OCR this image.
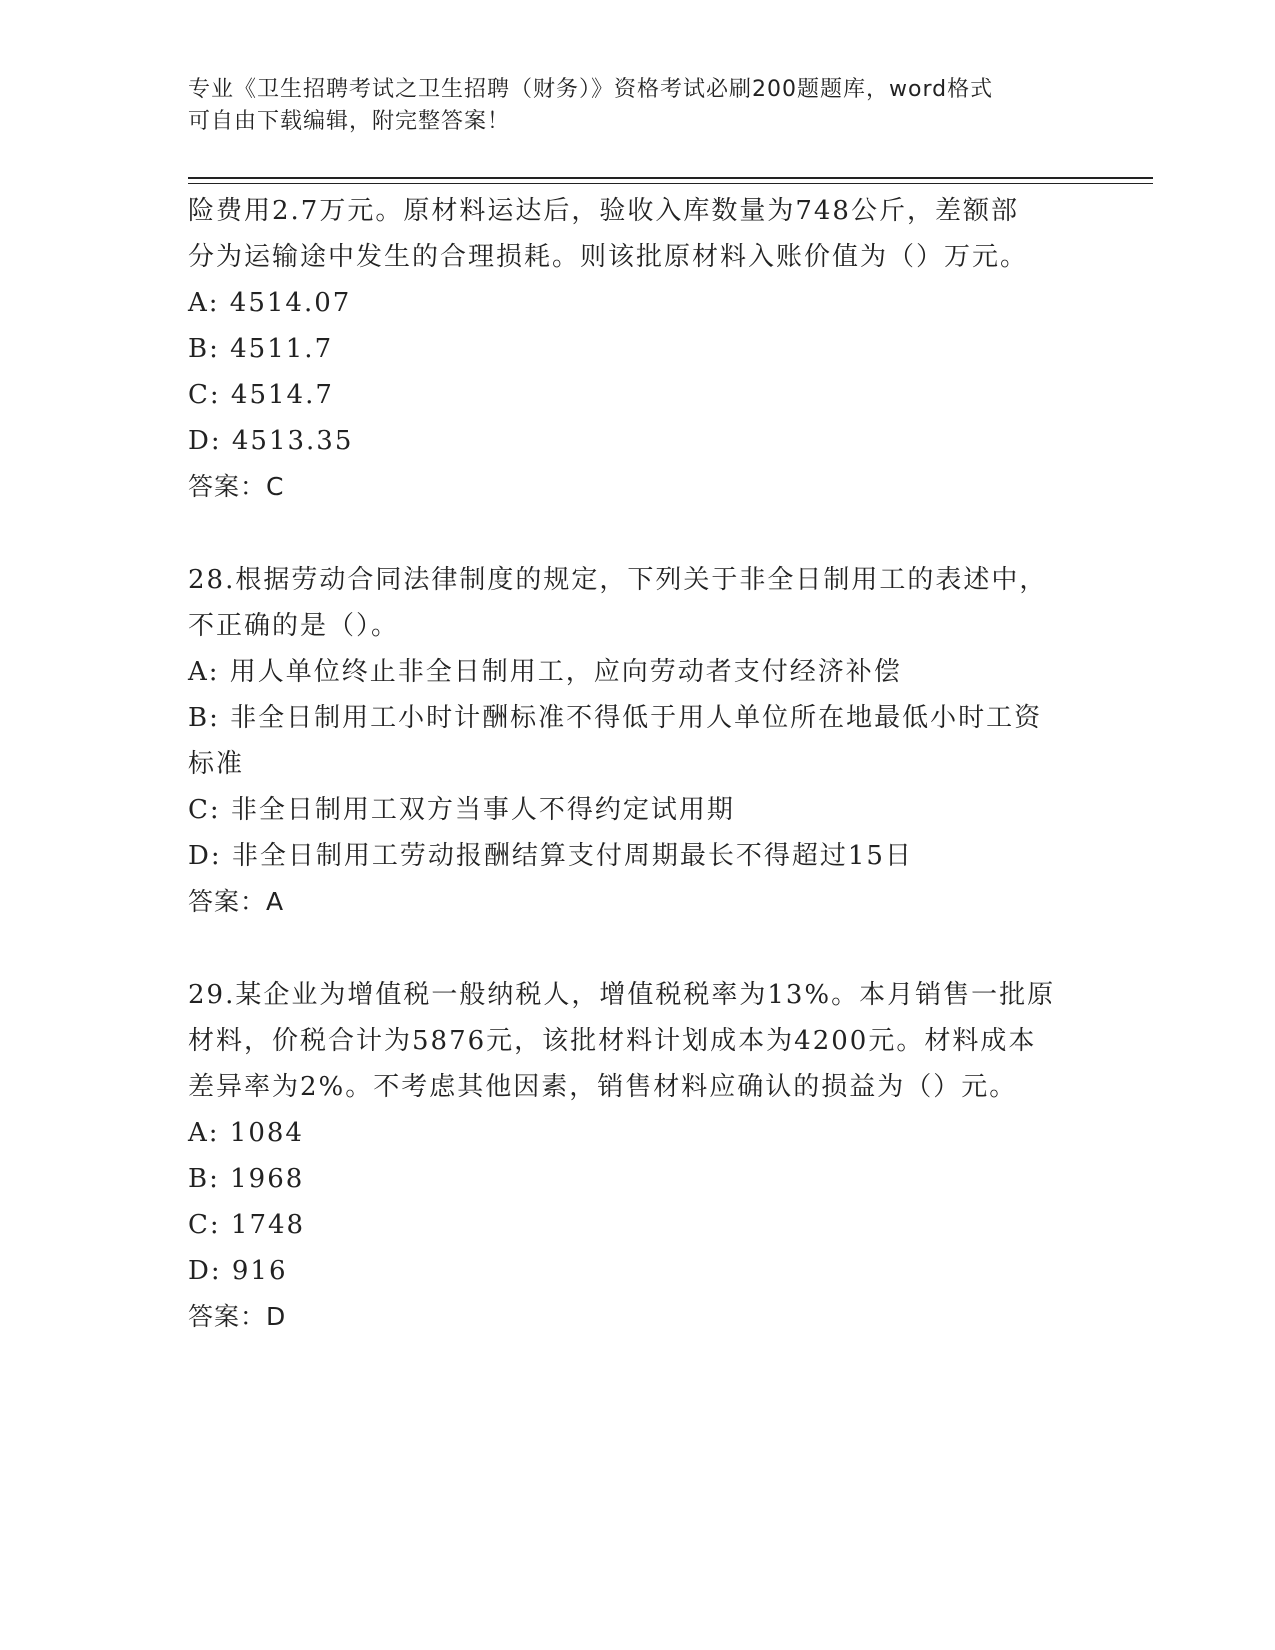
专业《卫生招聘考试之卫生招聘（财务）》资格考试必刷200题题库，word格式
可自由下载编辑，附完整答案！
险费用2.7万元。原材料运达后，验收入库数量为748公斤，差额部
分为运输途中发生的合理损耗。则该批原材料入账价值为（）万元。
A: 4514.07
B: 4511.7
C: 4514.7
D: 4513.35
答案：C
28.根据劳动合同法律制度的规定，下列关于非全日制用工的表述中，
不正确的是（）。
A: 用人单位终止非全日制用工，应向劳动者支付经济补偿
B: 非全日制用工小时计酬标准不得低于用人单位所在地最低小时工资
标准
C: 非全日制用工双方当事人不得约定试用期
D: 非全日制用工劳动报酬结算支付周期最长不得超过15日
答案：A
29.某企业为增值税一般纳税人，增值税税率为13%。本月销售一批原
材料，价税合计为5876元，该批材料计划成本为4200元。材料成本
差异率为2%。不考虑其他因素，销售材料应确认的损益为（）元。
A: 1084
B: 1968
C: 1748
D: 916
答案：D
